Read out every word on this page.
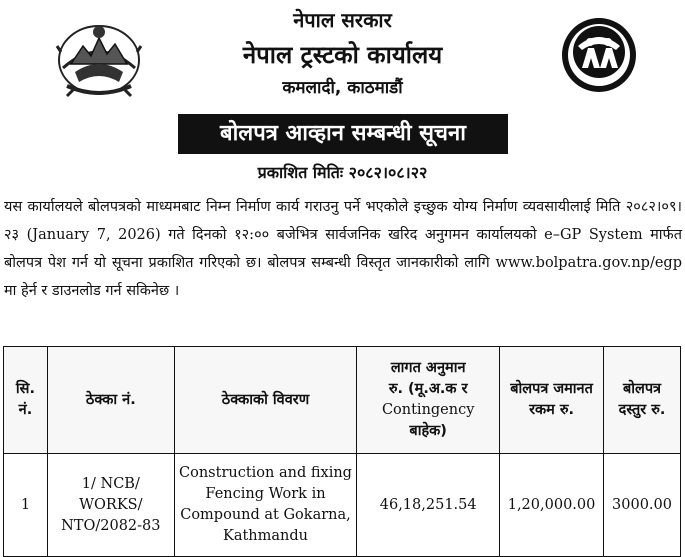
नेपाल सरकार
नेपाल ट्रस्टको कार्यालय
कमलादी, काठमाडौं
बोलपत्र आव्हान सम्बन्धी सूचना
प्रकाशित मितिः २०८२।०८।२२
यस कार्यालयले बोलपत्रको माध्यमबाट निम्न निर्माण कार्य गराउनु पर्ने भएकोले इच्छुक योग्य निर्माण व्यवसायीलाई मिति २०८२।०९।२३ (January 7, 2026) गते दिनको १२:०० बजेभित्र सार्वजनिक खरिद अनुगमन कार्यालयको e–GP System मार्फत बोलपत्र पेश गर्न यो सूचना प्रकाशित गरिएको छ। बोलपत्र सम्बन्धी विस्तृत जानकारीको लागि www.bolpatra.gov.np/egp मा हेर्न र डाउनलोड गर्न सकिनेछ ।
सि. नं.	ठेक्का नं.	ठेक्काको विवरण	लागत अनुमान
रु. (मू.अ.क र
Contingency
बाहेक)	बोलपत्र जमानत रकम रु.	बोलपत्र दस्तुर रु.
1	1/ NCB/ WORKS/ NTO/2082-83	Construction and fixing Fencing Work in Compound at Gokarna, Kathmandu	46,18,251.54	1,20,000.00	3000.00
